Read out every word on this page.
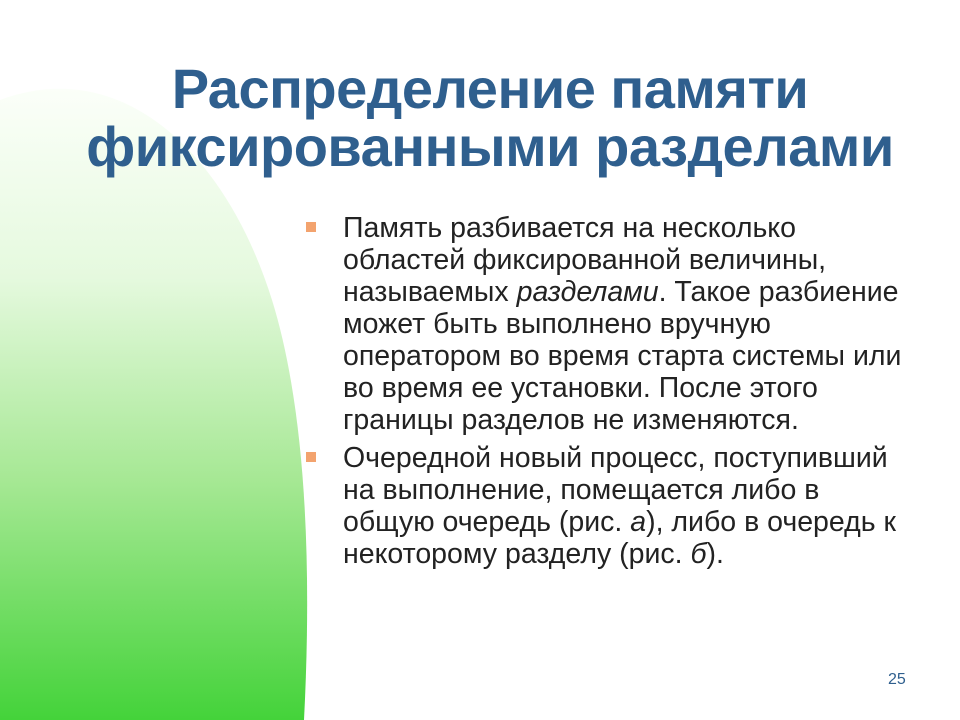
Распределение памяти
фиксированными разделами
Память разбивается на несколько областей фиксированной величины, называемых разделами. Такое разбиение может быть выполнено вручную оператором во время старта системы или во время ее установки. После этого границы разделов не изменяются.
Очередной новый процесс, поступивший на выполнение, помещается либо в общую очередь (рис. а), либо в очередь к некоторому разделу (рис. б).
25
